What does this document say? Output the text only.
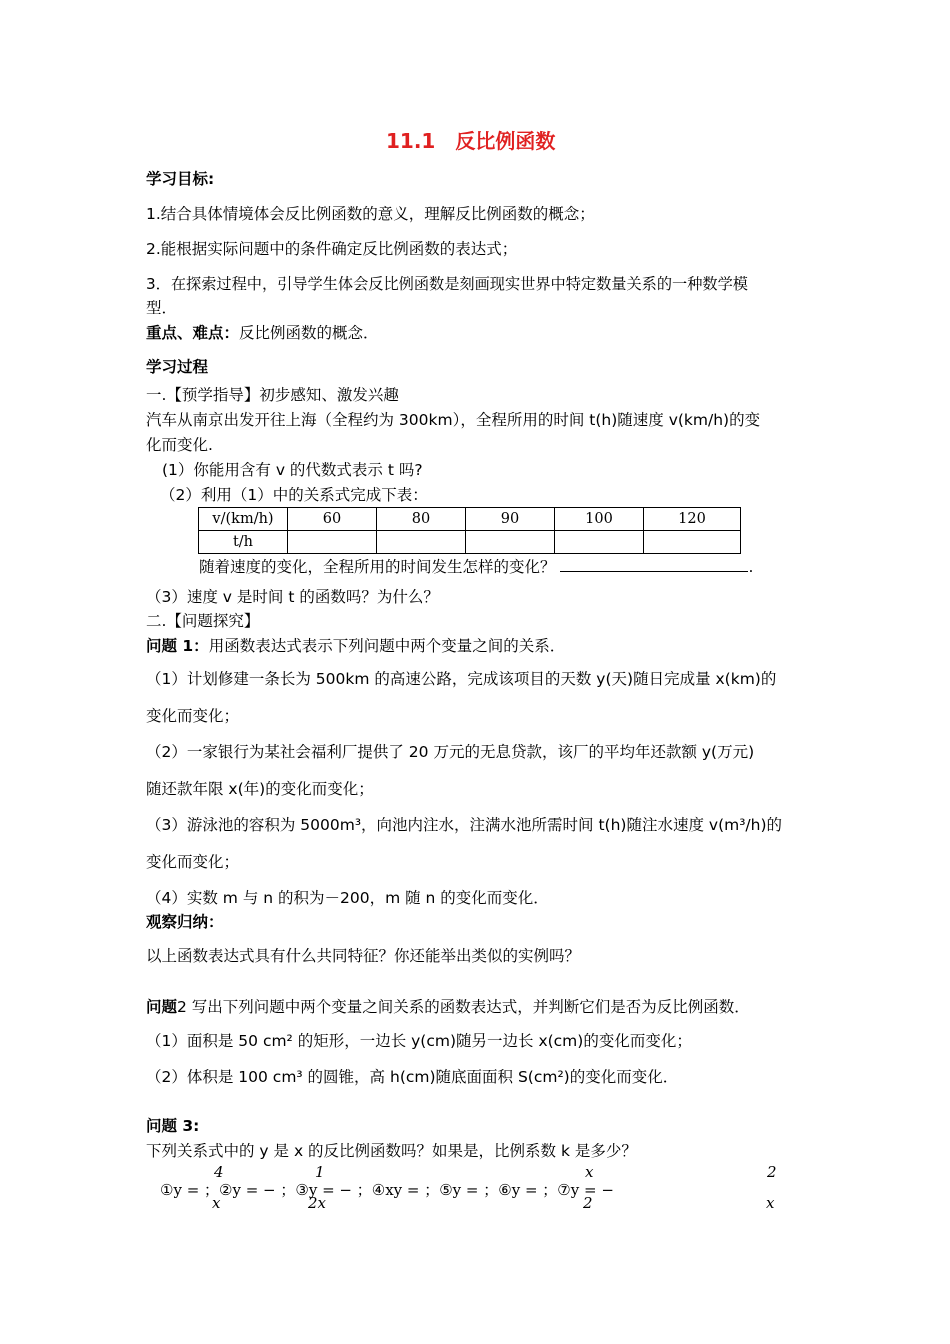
11.1　反比例函数
学习目标:
1.结合具体情境体会反比例函数的意义，理解反比例函数的概念；
2.能根据实际问题中的条件确定反比例函数的表达式；
3．在探索过程中，引导学生体会反比例函数是刻画现实世界中特定数量关系的一种数学模
型．
重点、难点：反比例函数的概念．
学习过程
一.【预学指导】初步感知、激发兴趣
汽车从南京出发开往上海（全程约为 300km），全程所用的时间 t(h)随速度 v(km/h)的变
化而变化.
(1）你能用含有 v 的代数式表示 t 吗?
（2）利用（1）中的关系式完成下表：
v/(km/h)	60	80	90	100	120
t/h					
随着速度的变化，全程所用的时间发生怎样的变化？	.
（3）速度 v 是时间 t 的函数吗？为什么？
二.【问题探究】
问题 1：用函数表达式表示下列问题中两个变量之间的关系．
（1）计划修建一条长为 500km 的高速公路，完成该项目的天数 y(天)随日完成量 x(km)的
变化而变化；
（2）一家银行为某社会福利厂提供了 20 万元的无息贷款，该厂的平均年还款额 y(万元)
随还款年限 x(年)的变化而变化；
（3）游泳池的容积为 5000m³，向池内注水，注满水池所需时间 t(h)随注水速度 v(m³/h)的
变化而变化；
（4）实数 m 与 n 的积为－200，m 随 n 的变化而变化．
观察归纳：
以上函数表达式具有什么共同特征？你还能举出类似的实例吗？
问题2 写出下列问题中两个变量之间关系的函数表达式，并判断它们是否为反比例函数．
（1）面积是 50 cm² 的矩形，一边长 y(cm)随另一边长 x(cm)的变化而变化；
（2）体积是 100 cm³ 的圆锥，高 h(cm)随底面面积 S(cm²)的变化而变化．
问题 3:
下列关系式中的 y 是 x 的反比例函数吗？如果是，比例系数 k 是多少？
①y = ；②y = − ；③y = − ；④xy = ；⑤y = ；⑥y = ；⑦y = −
4
x
1
2x
x
2
2
x
